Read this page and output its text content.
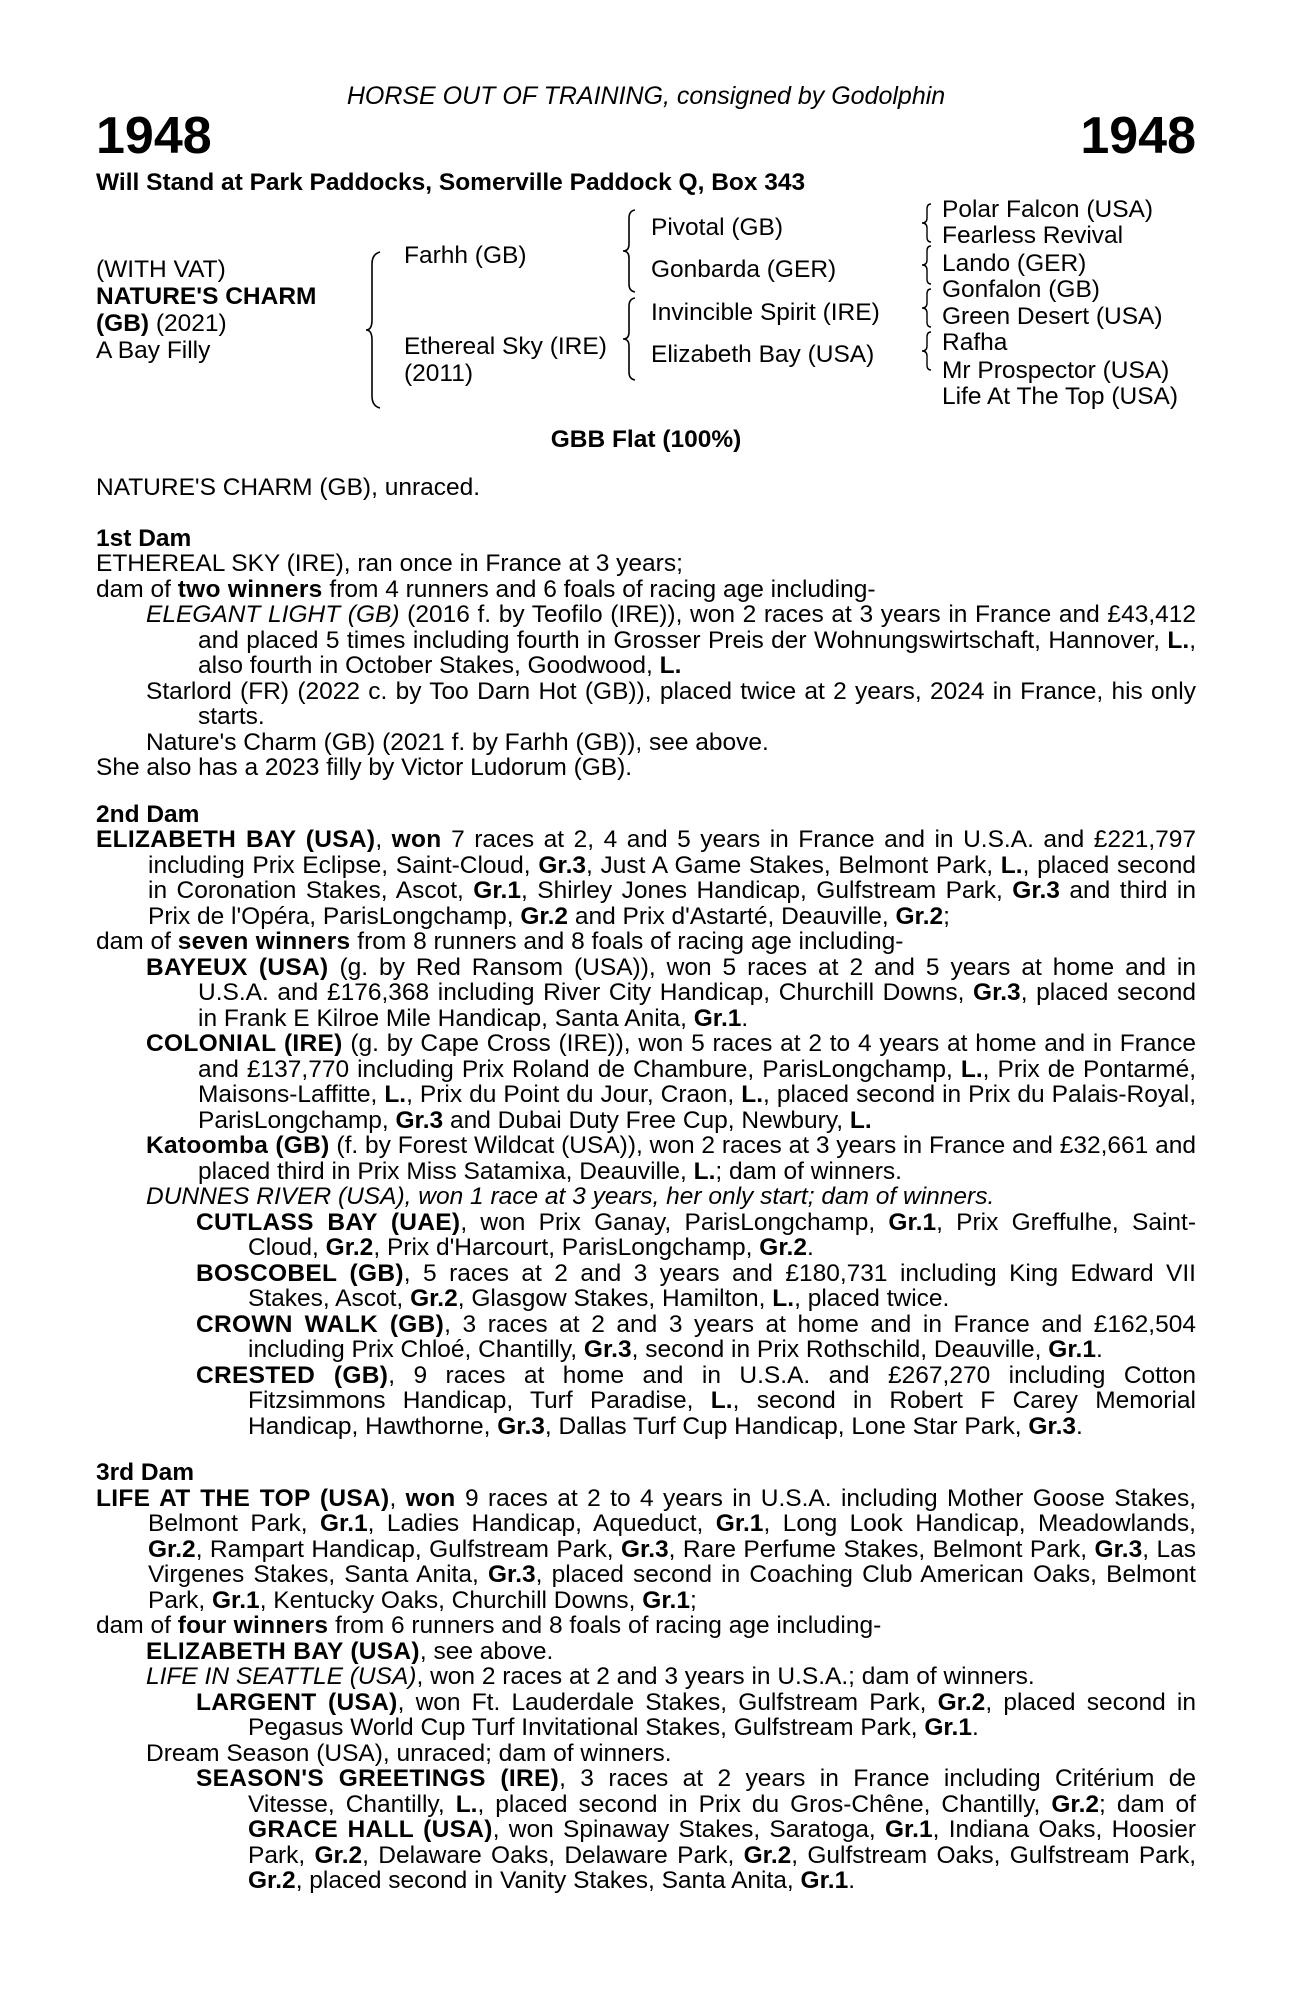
HORSE OUT OF TRAINING, consigned by Godolphin
1948	1948
Will Stand at Park Paddocks, Somerville Paddock Q, Box 343
(WITH VAT)
NATURE'S CHARM
(GB) (2021)
A Bay Filly
Farhh (GB)
Ethereal Sky (IRE)
(2011)
Pivotal (GB)
Gonbarda (GER)
Invincible Spirit (IRE)
Elizabeth Bay (USA)
Polar Falcon (USA)
Fearless Revival
Lando (GER)
Gonfalon (GB)
Green Desert (USA)
Rafha
Mr Prospector (USA)
Life At The Top (USA)
GBB Flat (100%)

NATURE'S CHARM (GB), unraced.

1st Dam

ETHEREAL SKY (IRE), ran once in France at 3 years;

dam of two winners from 4 runners and 6 foals of racing age including-

ELEGANT LIGHT (GB) (2016 f. by Teofilo (IRE)), won 2 races at 3 years in France and £43,412 and placed 5 times including fourth in Grosser Preis der Wohnungswirtschaft, Hannover, L., also fourth in October Stakes, Goodwood, L.

Starlord (FR) (2022 c. by Too Darn Hot (GB)), placed twice at 2 years, 2024 in France, his only starts.

Nature's Charm (GB) (2021 f. by Farhh (GB)), see above.

She also has a 2023 filly by Victor Ludorum (GB).

2nd Dam

ELIZABETH BAY (USA), won 7 races at 2, 4 and 5 years in France and in U.S.A. and £221,797 including Prix Eclipse, Saint-Cloud, Gr.3, Just A Game Stakes, Belmont Park, L., placed second in Coronation Stakes, Ascot, Gr.1, Shirley Jones Handicap, Gulfstream Park, Gr.3 and third in Prix de l'Opéra, ParisLongchamp, Gr.2 and Prix d'Astarté, Deauville, Gr.2;

dam of seven winners from 8 runners and 8 foals of racing age including-

BAYEUX (USA) (g. by Red Ransom (USA)), won 5 races at 2 and 5 years at home and in U.S.A. and £176,368 including River City Handicap, Churchill Downs, Gr.3, placed second in Frank E Kilroe Mile Handicap, Santa Anita, Gr.1.

COLONIAL (IRE) (g. by Cape Cross (IRE)), won 5 races at 2 to 4 years at home and in France and £137,770 including Prix Roland de Chambure, ParisLongchamp, L., Prix de Pontarmé, Maisons-Laffitte, L., Prix du Point du Jour, Craon, L., placed second in Prix du Palais-Royal, ParisLongchamp, Gr.3 and Dubai Duty Free Cup, Newbury, L.

Katoomba (GB) (f. by Forest Wildcat (USA)), won 2 races at 3 years in France and £32,661 and placed third in Prix Miss Satamixa, Deauville, L.; dam of winners.

DUNNES RIVER (USA), won 1 race at 3 years, her only start; dam of winners.

CUTLASS BAY (UAE), won Prix Ganay, ParisLongchamp, Gr.1, Prix Greffulhe, Saint-Cloud, Gr.2, Prix d'Harcourt, ParisLongchamp, Gr.2.

BOSCOBEL (GB), 5 races at 2 and 3 years and £180,731 including King Edward VII Stakes, Ascot, Gr.2, Glasgow Stakes, Hamilton, L., placed twice.

CROWN WALK (GB), 3 races at 2 and 3 years at home and in France and £162,504 including Prix Chloé, Chantilly, Gr.3, second in Prix Rothschild, Deauville, Gr.1.

CRESTED (GB), 9 races at home and in U.S.A. and £267,270 including Cotton Fitzsimmons Handicap, Turf Paradise, L., second in Robert F Carey Memorial Handicap, Hawthorne, Gr.3, Dallas Turf Cup Handicap, Lone Star Park, Gr.3.

3rd Dam

LIFE AT THE TOP (USA), won 9 races at 2 to 4 years in U.S.A. including Mother Goose Stakes, Belmont Park, Gr.1, Ladies Handicap, Aqueduct, Gr.1, Long Look Handicap, Meadowlands, Gr.2, Rampart Handicap, Gulfstream Park, Gr.3, Rare Perfume Stakes, Belmont Park, Gr.3, Las Virgenes Stakes, Santa Anita, Gr.3, placed second in Coaching Club American Oaks, Belmont Park, Gr.1, Kentucky Oaks, Churchill Downs, Gr.1;

dam of four winners from 6 runners and 8 foals of racing age including-

ELIZABETH BAY (USA), see above.

LIFE IN SEATTLE (USA), won 2 races at 2 and 3 years in U.S.A.; dam of winners.

LARGENT (USA), won Ft. Lauderdale Stakes, Gulfstream Park, Gr.2, placed second in Pegasus World Cup Turf Invitational Stakes, Gulfstream Park, Gr.1.

Dream Season (USA), unraced; dam of winners.

SEASON'S GREETINGS (IRE), 3 races at 2 years in France including Critérium de Vitesse, Chantilly, L., placed second in Prix du Gros-Chêne, Chantilly, Gr.2; dam of GRACE HALL (USA), won Spinaway Stakes, Saratoga, Gr.1, Indiana Oaks, Hoosier Park, Gr.2, Delaware Oaks, Delaware Park, Gr.2, Gulfstream Oaks, Gulfstream Park, Gr.2, placed second in Vanity Stakes, Santa Anita, Gr.1.
